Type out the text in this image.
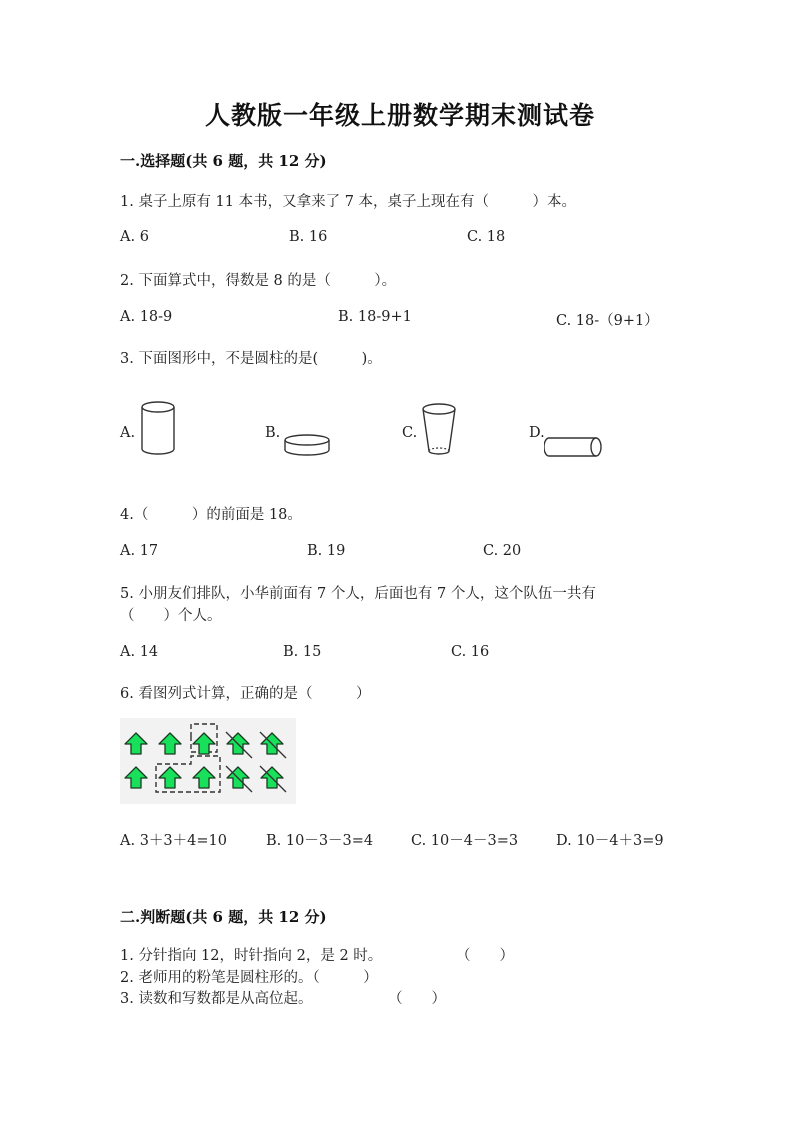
人教版一年级上册数学期末测试卷
一.选择题(共 6 题，共 12 分)
1. 桌子上原有 11 本书，又拿来了 7 本，桌子上现在有（　　　）本。
A. 6	B. 16	C. 18
2. 下面算式中，得数是 8 的是（　　　）。
A. 18-9	B. 18-9+1	C. 18-（9+1）
3. 下面图形中，不是圆柱的是(　　　)。
A.	B.	C.	D.
4.（　　　）的前面是 18。
A. 17	B. 19	C. 20
5. 小朋友们排队，小华前面有 7 个人，后面也有 7 个人，这个队伍一共有
（　　）个人。
A. 14	B. 15	C. 16
6. 看图列式计算，正确的是（　　　）
A. 3＋3＋4=10	B. 10－3－3=4	C. 10－4－3=3	D. 10－4＋3=9
二.判断题(共 6 题，共 12 分)
1. 分针指向 12，时针指向 2，是 2 时。	（　　）
2. 老师用的粉笔是圆柱形的。（　　　）
3. 读数和写数都是从高位起。	（　　）
